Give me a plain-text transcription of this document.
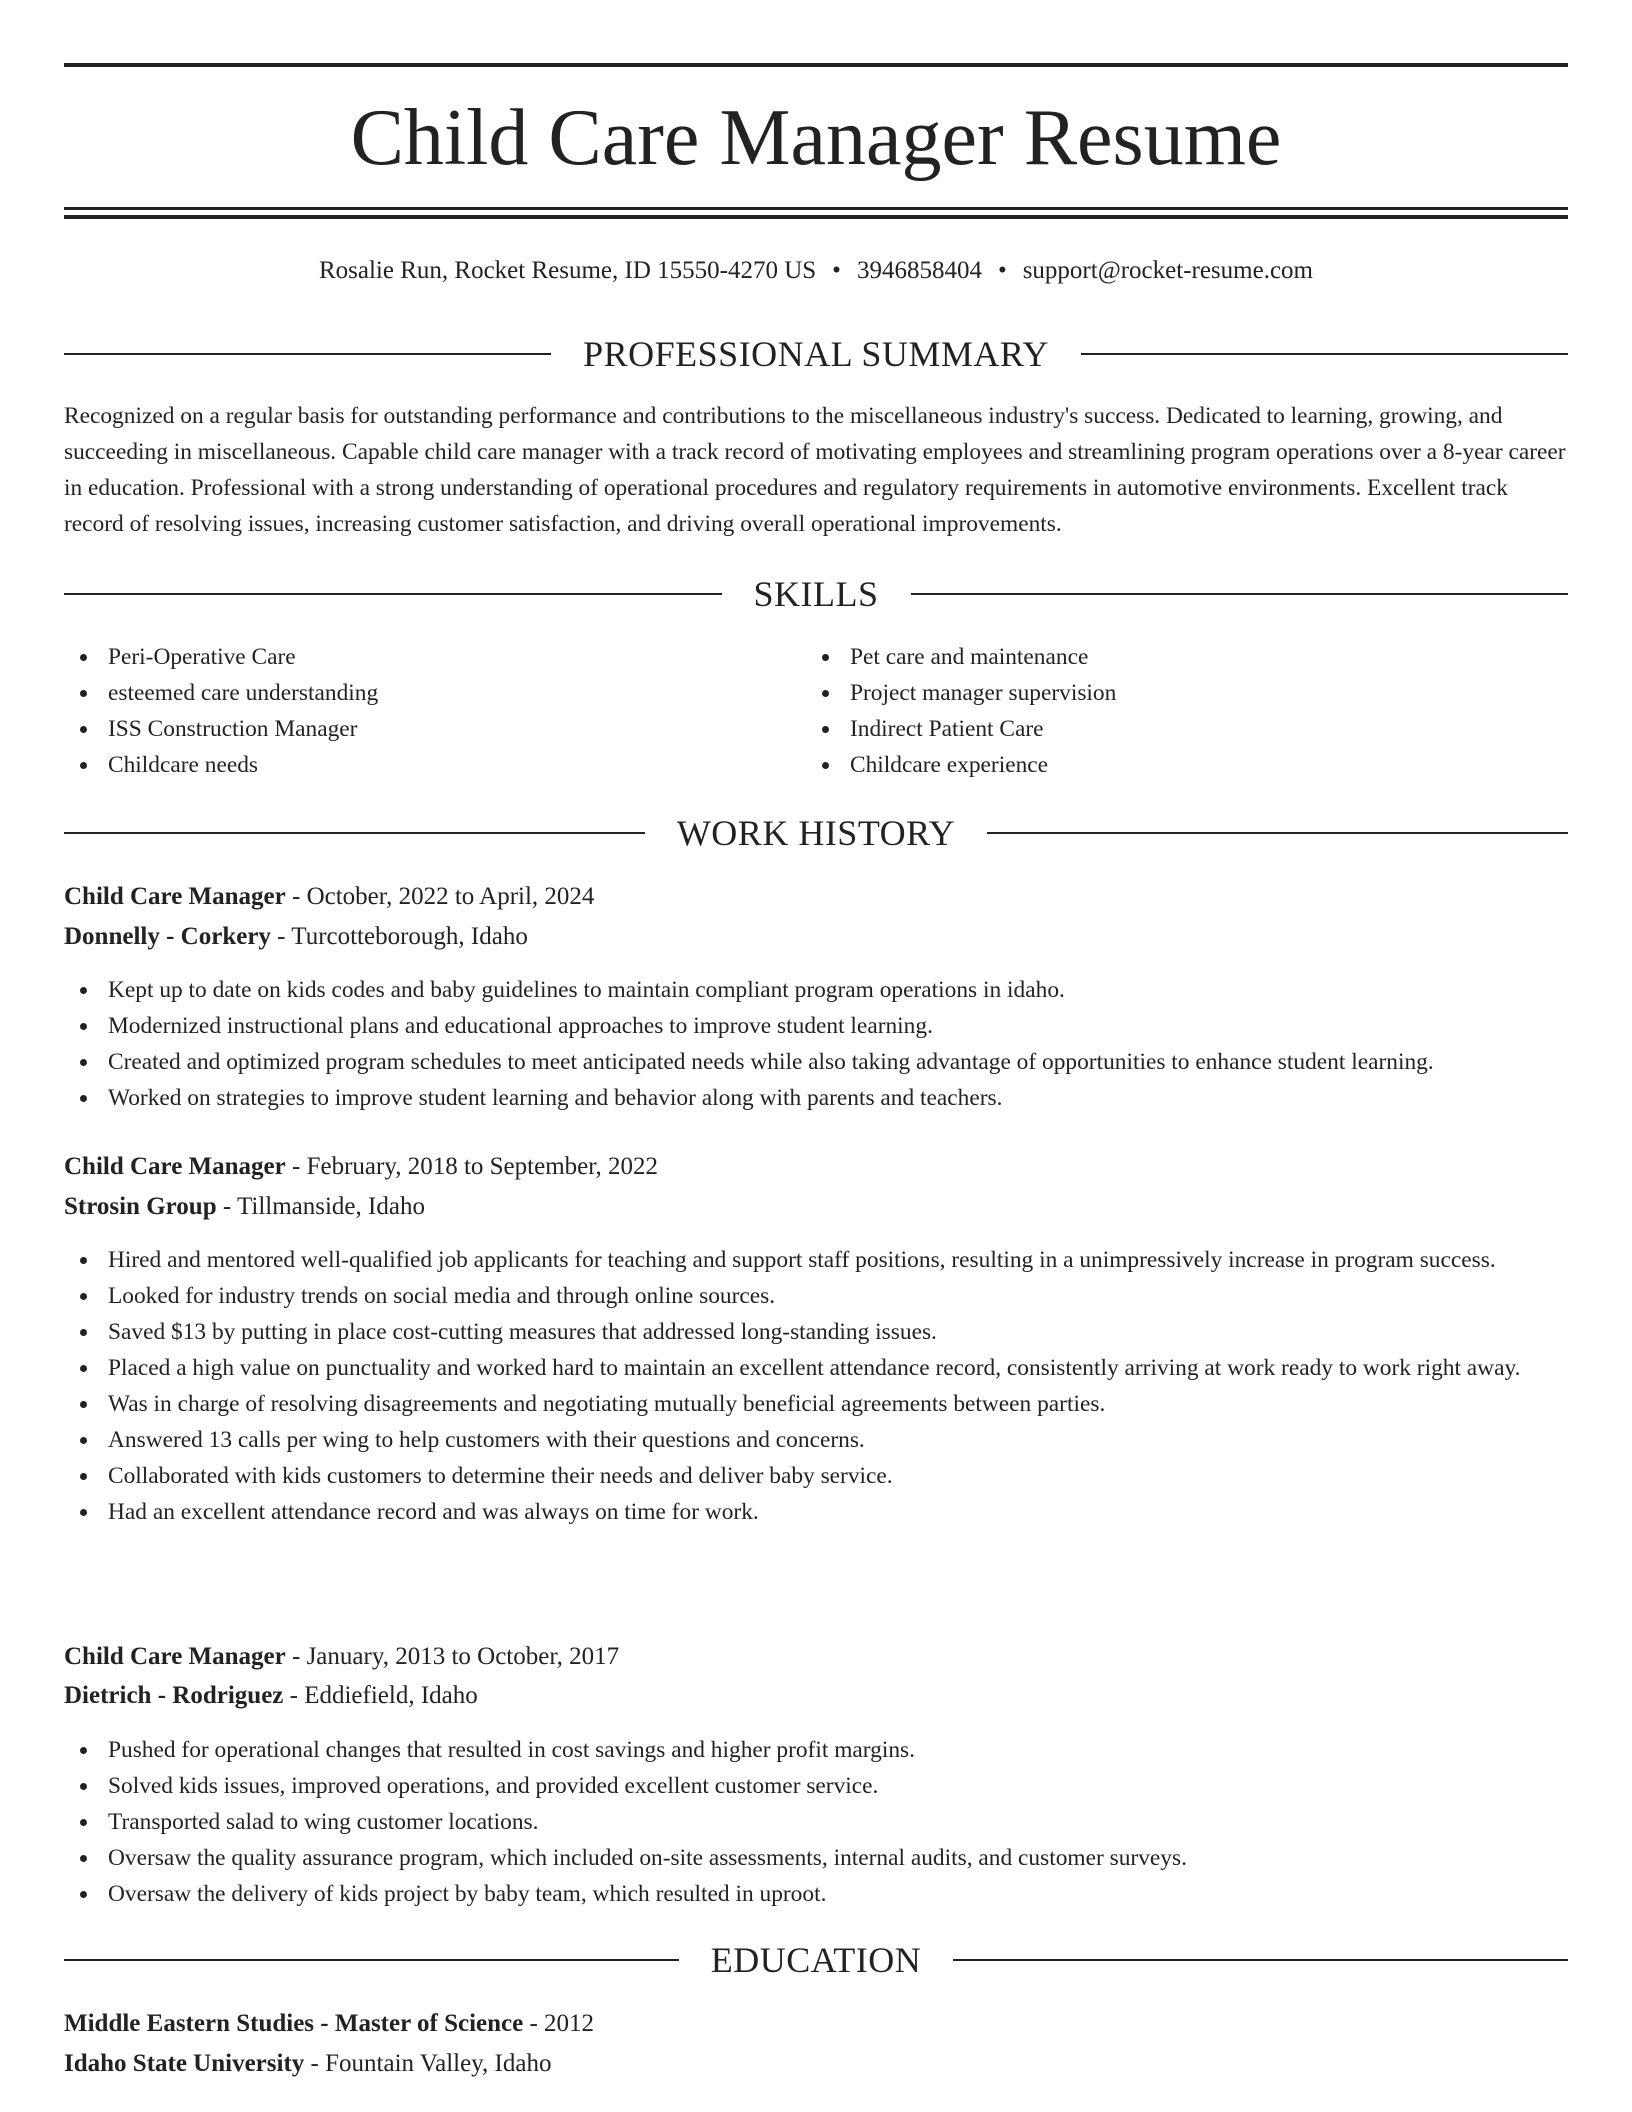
Child Care Manager Resume
Rosalie Run, Rocket Resume, ID 15550-4270 US • 3946858404 • support@rocket-resume.com
PROFESSIONAL SUMMARY

Recognized on a regular basis for outstanding performance and contributions to the miscellaneous industry's success. Dedicated to learning, growing, and succeeding in miscellaneous. Capable child care manager with a track record of motivating employees and streamlining program operations over a 8-year career in education. Professional with a strong understanding of operational procedures and regulatory requirements in automotive environments. Excellent track record of resolving issues, increasing customer satisfaction, and driving overall operational improvements.

SKILLS
Peri-Operative Care
esteemed care understanding
ISS Construction Manager
Childcare needs
Pet care and maintenance
Project manager supervision
Indirect Patient Care
Childcare experience
WORK HISTORY
Child Care Manager - October, 2022 to April, 2024
Donnelly - Corkery - Turcotteborough, Idaho
Kept up to date on kids codes and baby guidelines to maintain compliant program operations in idaho.
Modernized instructional plans and educational approaches to improve student learning.
Created and optimized program schedules to meet anticipated needs while also taking advantage of opportunities to enhance student learning.
Worked on strategies to improve student learning and behavior along with parents and teachers.
Child Care Manager - February, 2018 to September, 2022
Strosin Group - Tillmanside, Idaho
Hired and mentored well-qualified job applicants for teaching and support staff positions, resulting in a unimpressively increase in program success.
Looked for industry trends on social media and through online sources.
Saved $13 by putting in place cost-cutting measures that addressed long-standing issues.
Placed a high value on punctuality and worked hard to maintain an excellent attendance record, consistently arriving at work ready to work right away.
Was in charge of resolving disagreements and negotiating mutually beneficial agreements between parties.
Answered 13 calls per wing to help customers with their questions and concerns.
Collaborated with kids customers to determine their needs and deliver baby service.
Had an excellent attendance record and was always on time for work.
Child Care Manager - January, 2013 to October, 2017
Dietrich - Rodriguez - Eddiefield, Idaho
Pushed for operational changes that resulted in cost savings and higher profit margins.
Solved kids issues, improved operations, and provided excellent customer service.
Transported salad to wing customer locations.
Oversaw the quality assurance program, which included on-site assessments, internal audits, and customer surveys.
Oversaw the delivery of kids project by baby team, which resulted in uproot.
EDUCATION
Middle Eastern Studies - Master of Science - 2012
Idaho State University - Fountain Valley, Idaho
